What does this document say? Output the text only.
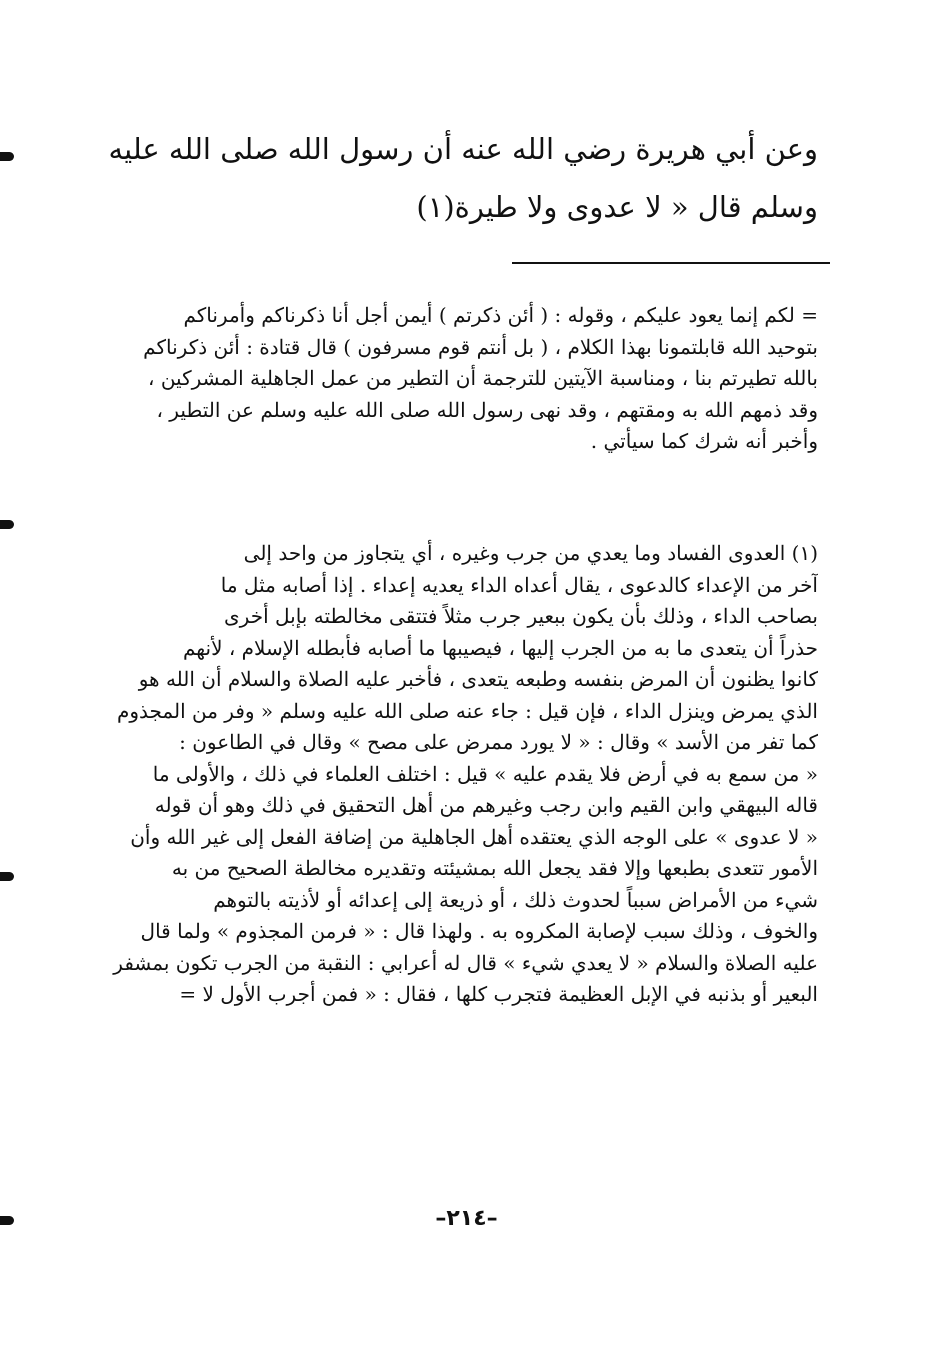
وعن أبي هريرة رضي الله عنه أن رسول الله صلى الله عليه
وسلم قال « لا عدوى ولا طيرة(١)
= لكم إنما يعود عليكم ، وقوله : ( أئن ذكرتم ) أيمن أجل أنا ذكرناكم وأمرناكم
بتوحيد الله قابلتمونا بهذا الكلام ، ( بل أنتم قوم مسرفون ) قال قتادة : أئن ذكرناكم
بالله تطيرتم بنا ، ومناسبة الآيتين للترجمة أن التطير من عمل الجاهلية المشركين ،
وقد ذمهم الله به ومقتهم ، وقد نهى رسول الله صلى الله عليه وسلم عن التطير ،
وأخبر أنه شرك كما سيأتي .
(١) العدوى الفساد وما يعدي من جرب وغيره ، أي يتجاوز من واحد إلى
آخر من الإعداء كالدعوى ، يقال أعداه الداء يعديه إعداء . إذا أصابه مثل ما
بصاحب الداء ، وذلك بأن يكون ببعير جرب مثلاً فتتقى مخالطته بإبل أخرى
حذراً أن يتعدى ما به من الجرب إليها ، فيصيبها ما أصابه فأبطله الإسلام ، لأنهم
كانوا يظنون أن المرض بنفسه وطبعه يتعدى ، فأخبر عليه الصلاة والسلام أن الله هو
الذي يمرض وينزل الداء ، فإن قيل : جاء عنه صلى الله عليه وسلم « وفر من المجذوم
كما تفر من الأسد » وقال : « لا يورد ممرض على مصح » وقال في الطاعون :
« من سمع به في أرض فلا يقدم عليه » قيل : اختلف العلماء في ذلك ، والأولى ما
قاله البيهقي وابن القيم وابن رجب وغيرهم من أهل التحقيق في ذلك وهو أن قوله
« لا عدوى » على الوجه الذي يعتقده أهل الجاهلية من إضافة الفعل إلى غير الله وأن
الأمور تتعدى بطبعها وإلا فقد يجعل الله بمشيئته وتقديره مخالطة الصحيح من به
شيء من الأمراض سبباً لحدوث ذلك ، أو ذريعة إلى إعدائه أو لأذيته بالتوهم
والخوف ، وذلك سبب لإصابة المكروه به . ولهذا قال : « فرمن المجذوم » ولما قال
عليه الصلاة والسلام « لا يعدي شيء » قال له أعرابي : النقبة من الجرب تكون بمشفر
البعير أو بذنبه في الإبل العظيمة فتجرب كلها ، فقال : « فمن أجرب الأول لا =
–٢١٤–
